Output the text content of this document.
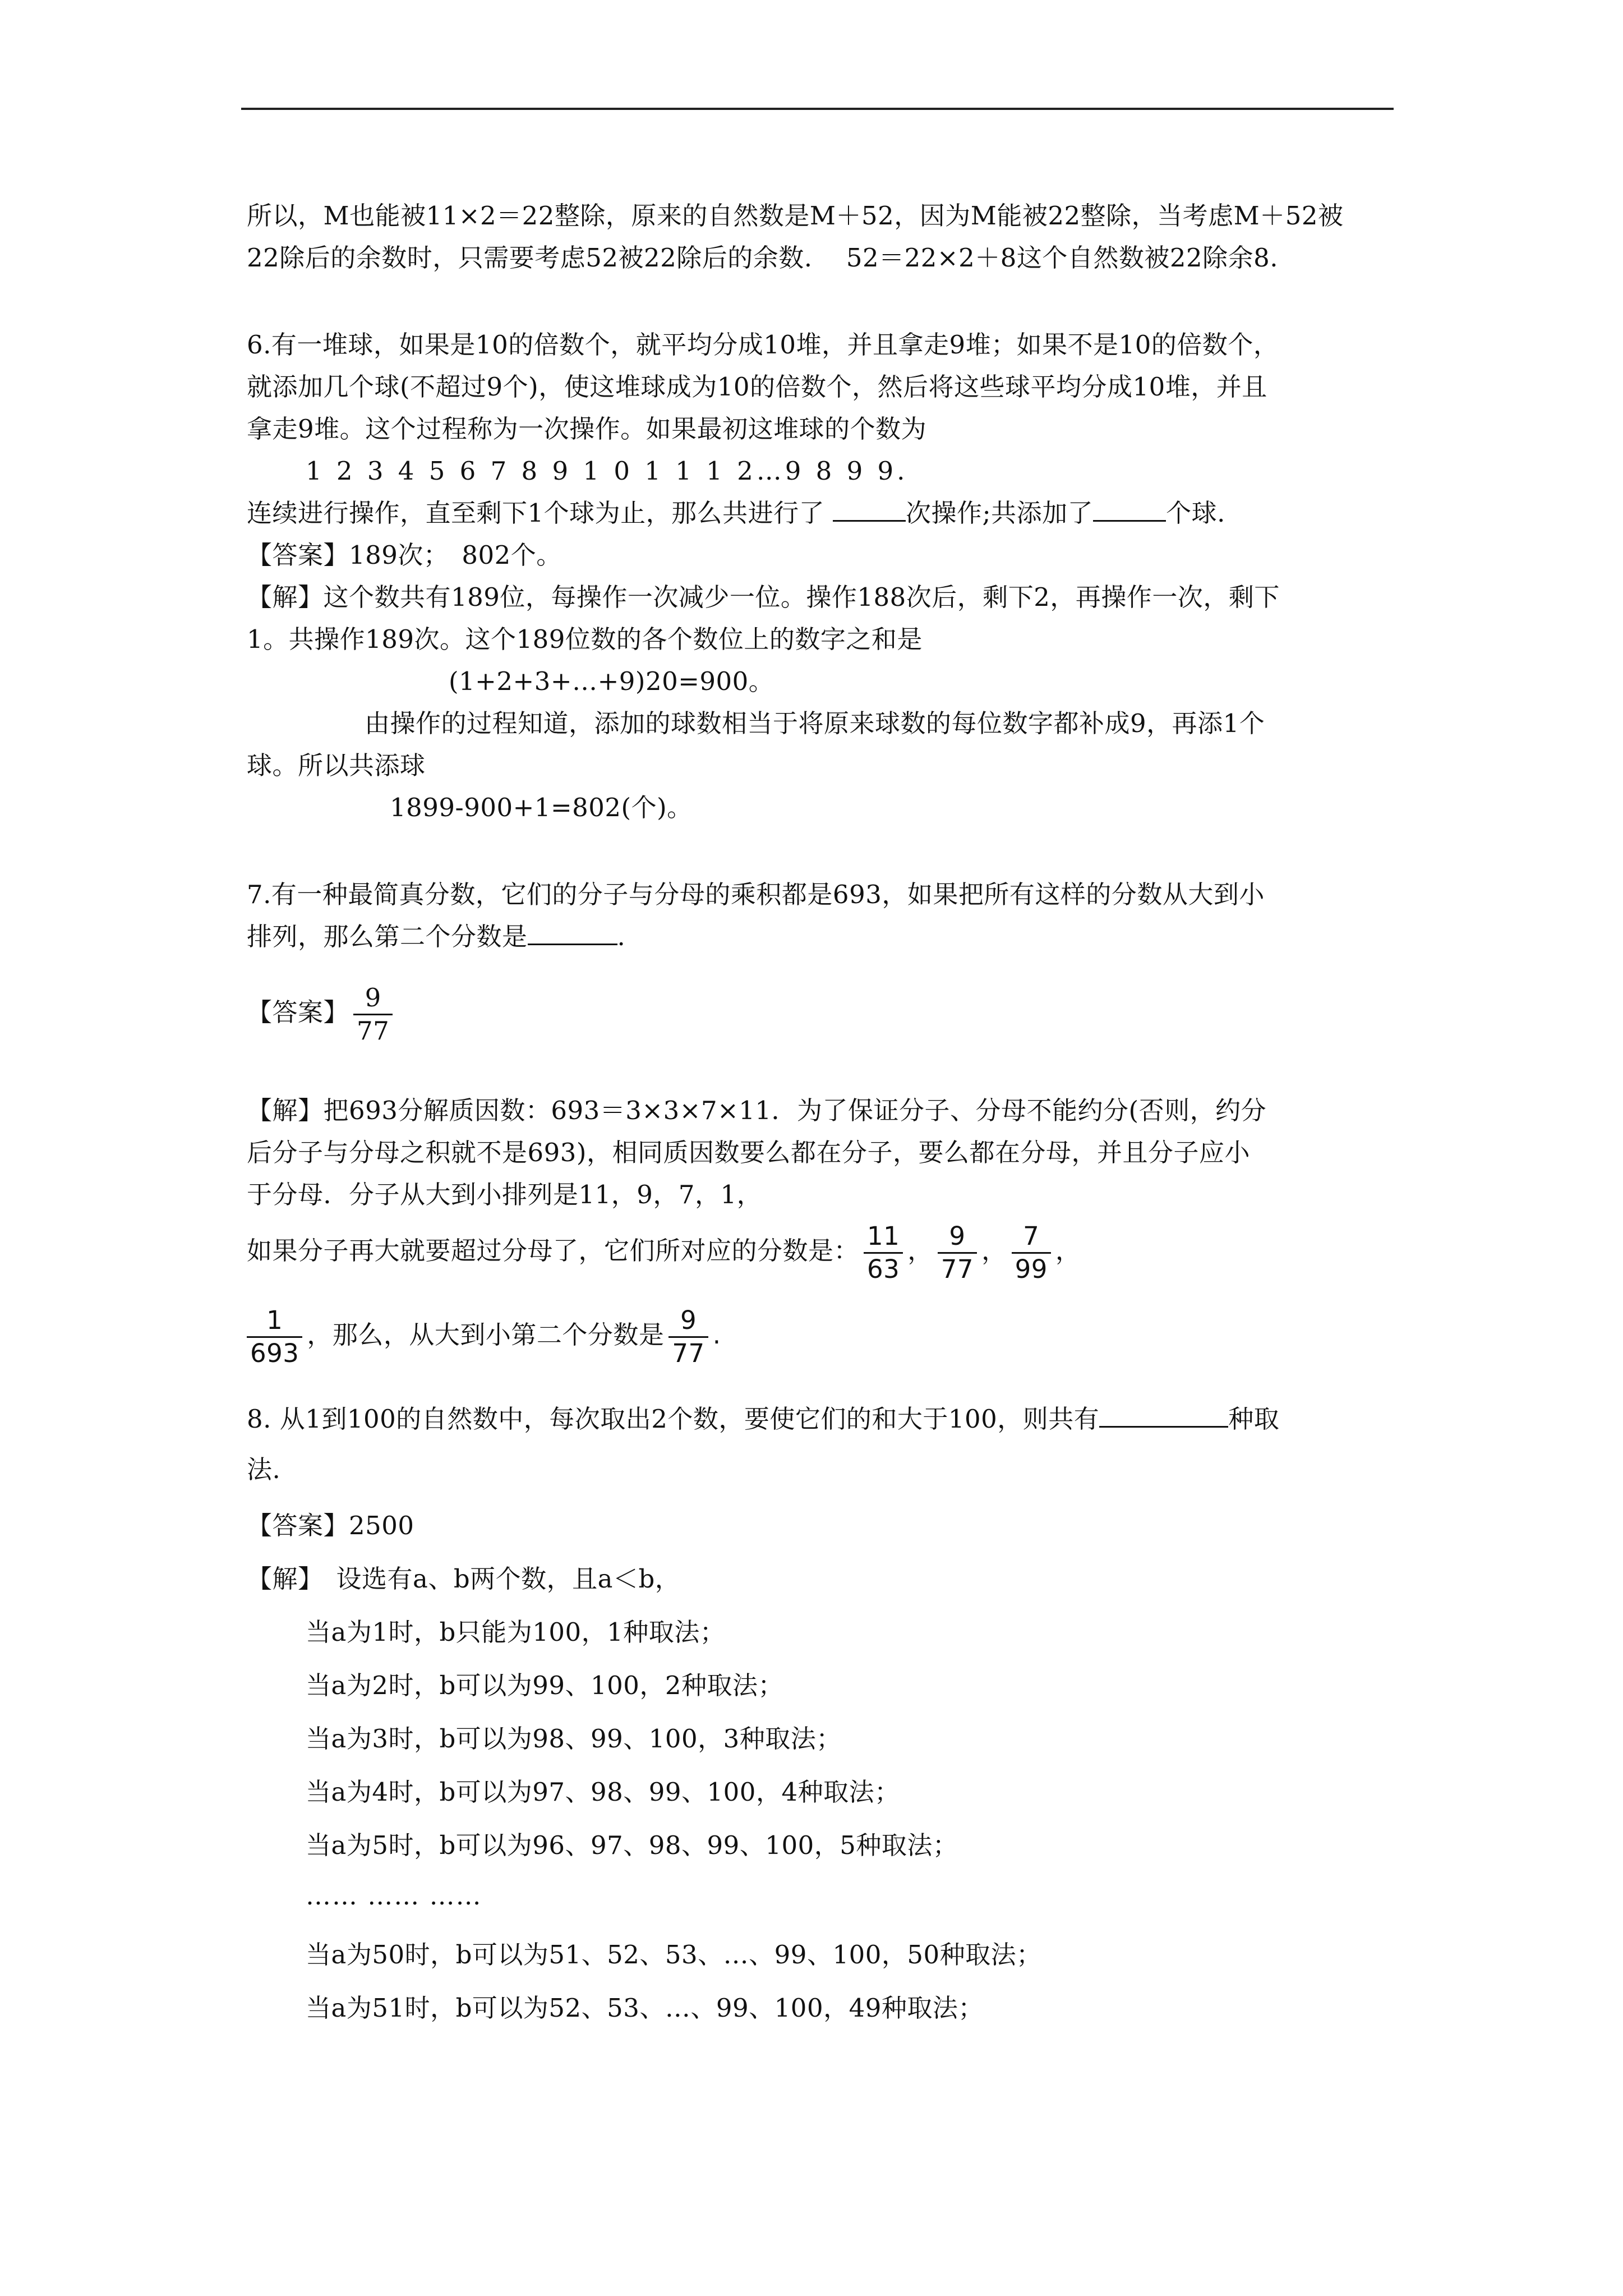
所以，M也能被11×2＝22整除，原来的自然数是M＋52，因为M能被22整除，当考虑M＋52被
22除后的余数时，只需要考虑52被22除后的余数.　 52＝22×2＋8这个自然数被22除余8.
6.有一堆球，如果是10的倍数个，就平均分成10堆，并且拿走9堆；如果不是10的倍数个，
就添加几个球(不超过9个)，使这堆球成为10的倍数个，然后将这些球平均分成10堆，并且
拿走9堆。这个过程称为一次操作。如果最初这堆球的个数为
1 2 3 4 5 6 7 8 9 1 0 1 1 1 2…9 8 9 9.
连续进行操作，直至剩下1个球为止，那么共进行了	次操作;共添加了	个球.
【答案】189次；　802个。
【解】这个数共有189位，每操作一次减少一位。操作188次后，剩下2，再操作一次，剩下
1。共操作189次。这个189位数的各个数位上的数字之和是
(1+2+3+…+9)20=900。
由操作的过程知道，添加的球数相当于将原来球数的每位数字都补成9，再添1个
球。所以共添球
1899-900+1=802(个)。
7.有一种最简真分数，它们的分子与分母的乘积都是693，如果把所有这样的分数从大到小
排列，那么第二个分数是	.
【答案】 $\frac{9}{77}$
【解】把693分解质因数：693＝3×3×7×11．为了保证分子、分母不能约分(否则，约分
后分子与分母之积就不是693)，相同质因数要么都在分子，要么都在分母，并且分子应小
于分母．分子从大到小排列是11，9，7，1，
如果分子再大就要超过分母了，它们所对应的分数是： $\frac{11}{63}$ ， $\frac{9}{77}$ ， $\frac{7}{99}$ ，
$\frac{1}{693}$ ，那么，从大到小第二个分数是 $\frac{9}{77}$ .
8. 从1到100的自然数中，每次取出2个数，要使它们的和大于100，则共有	种取
法.
【答案】2500
【解】　设选有a、b两个数，且a＜b，
当a为1时，b只能为100，1种取法；
当a为2时，b可以为99、100，2种取法；
当a为3时，b可以为98、99、100，3种取法；
当a为4时，b可以为97、98、99、100，4种取法；
当a为5时，b可以为96、97、98、99、100，5种取法；
…… …… ……
当a为50时，b可以为51、52、53、…、99、100，50种取法；
当a为51时，b可以为52、53、…、99、100，49种取法；
